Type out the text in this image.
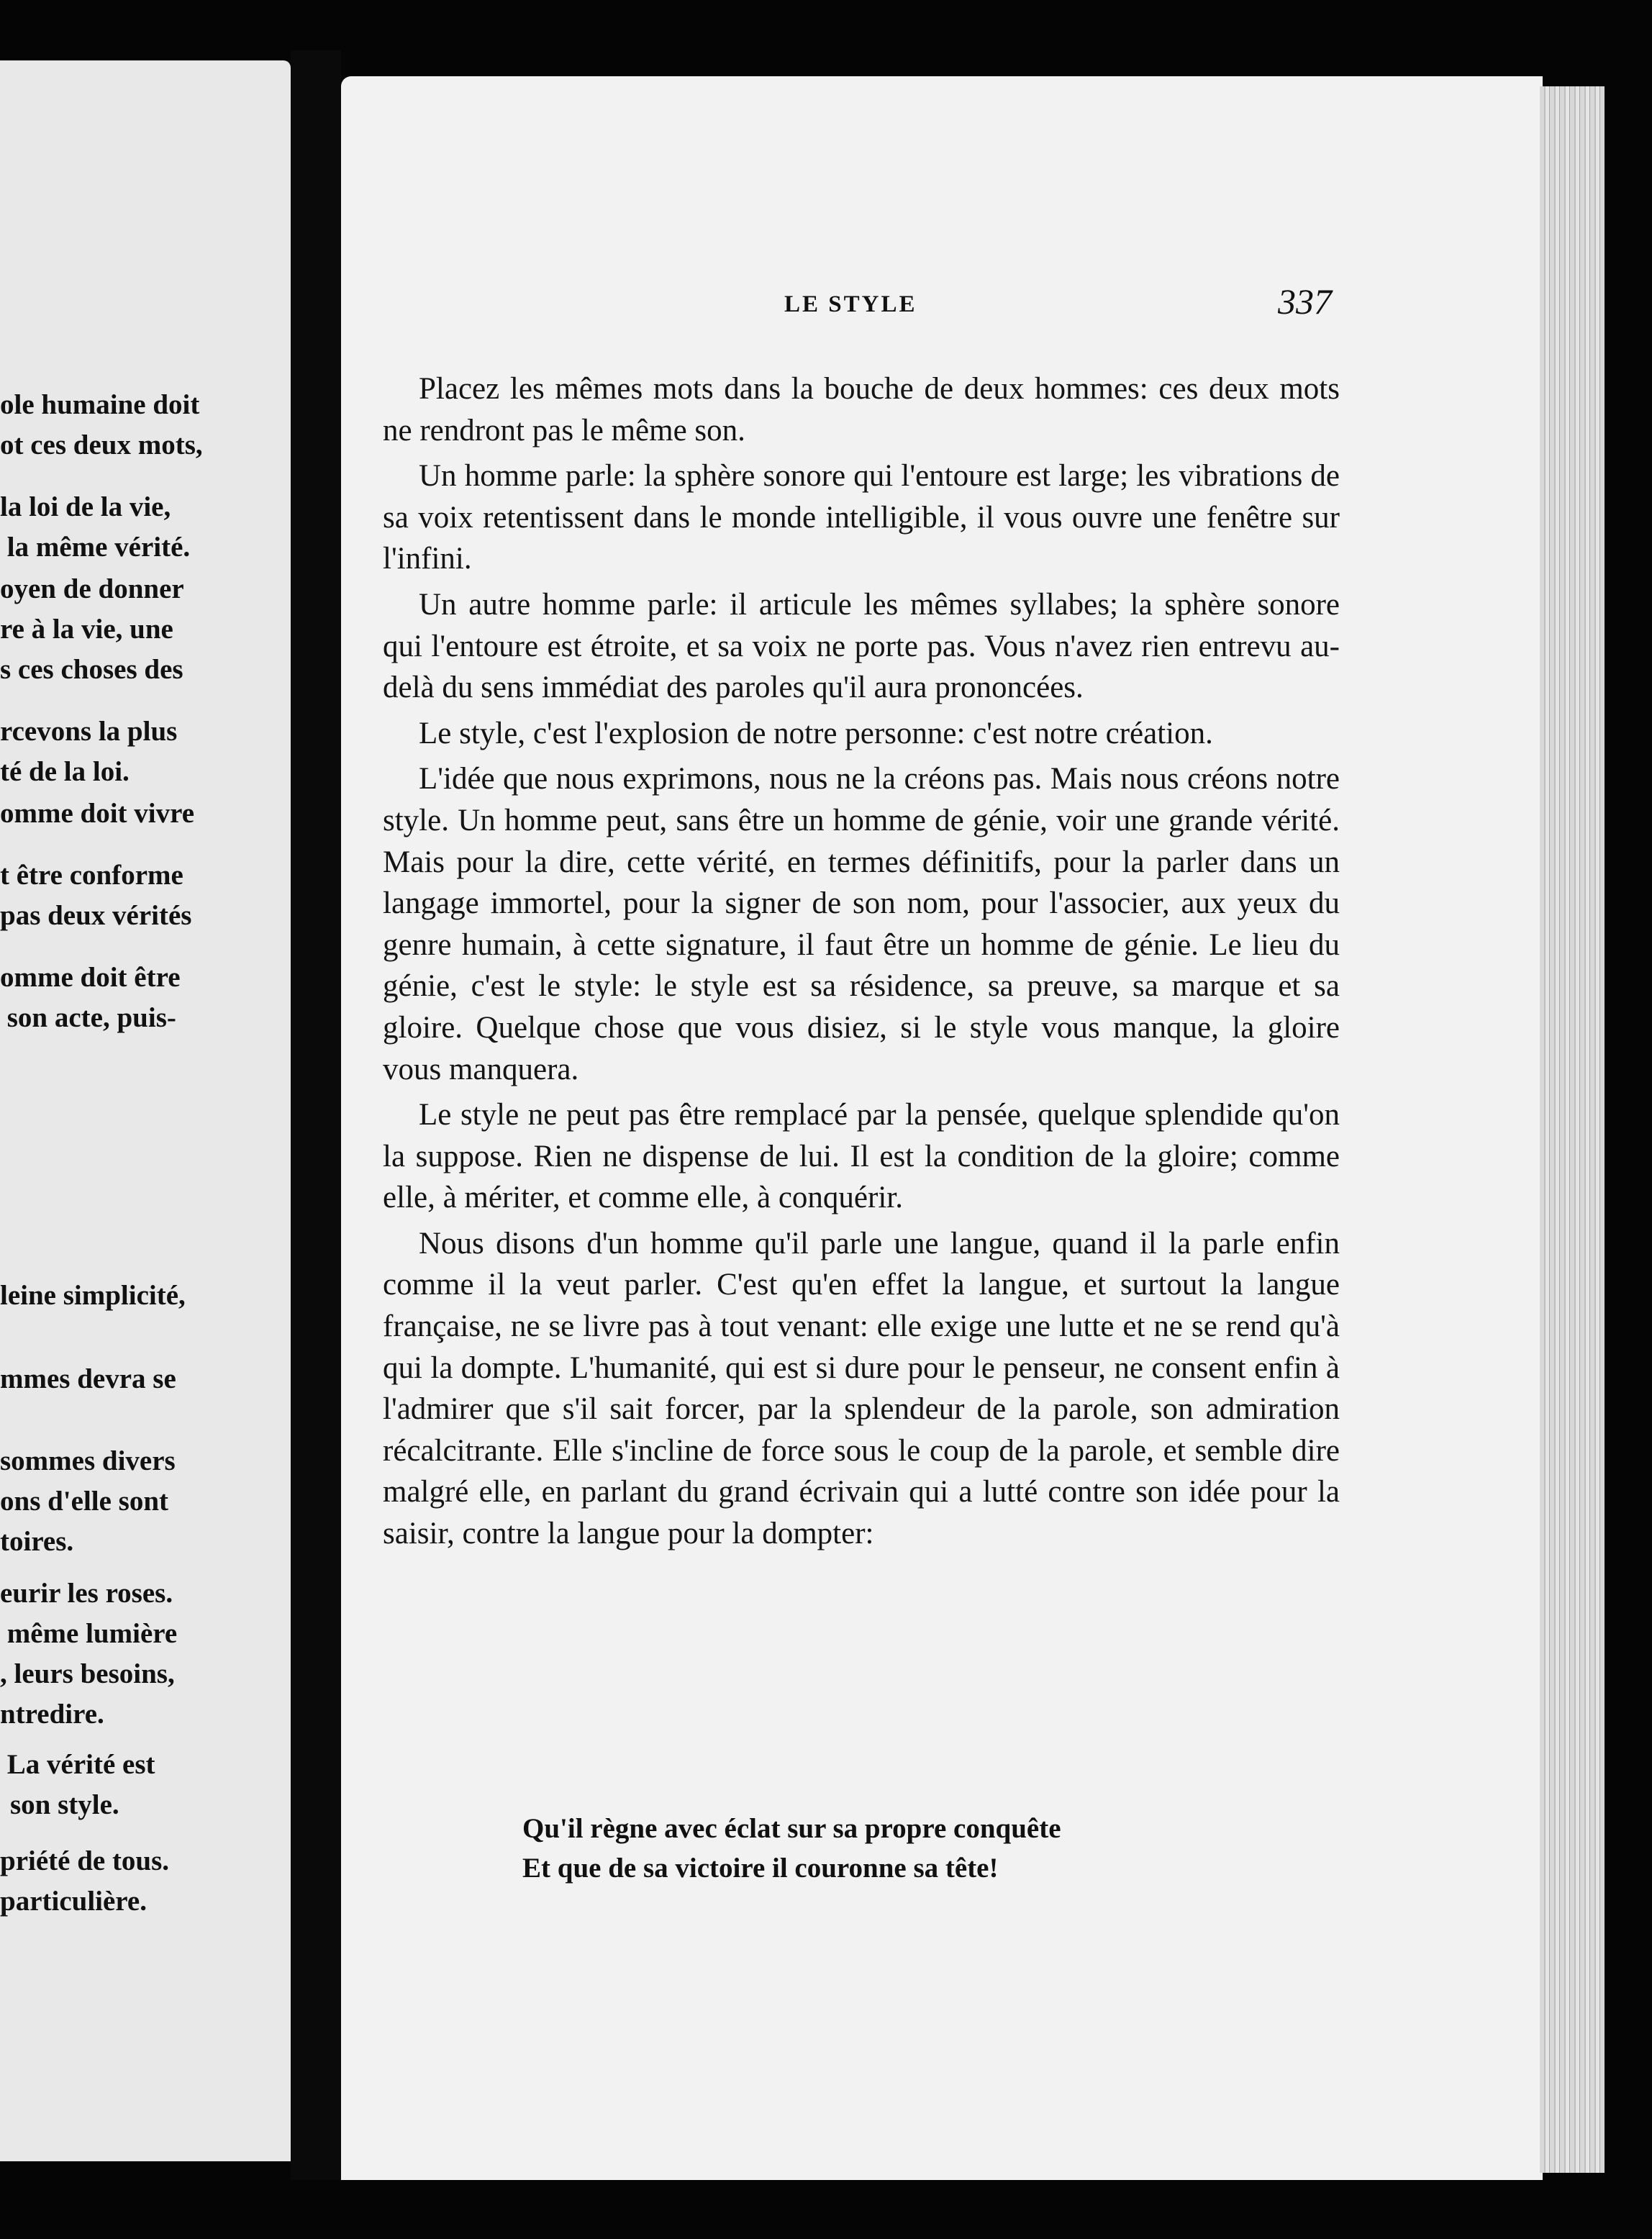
ole humaine doit
ot ces deux mots,
la loi de la vie,
la même vérité.
oyen de donner
re à la vie, une
s ces choses des
rcevons la plus
té de la loi.
omme doit vivre
t être conforme
pas deux vérités
omme doit être
son acte, puis-
leine simplicité,
mmes devra se
sommes divers
ons d'elle sont
toires.
eurir les roses.
même lumière
, leurs besoins,
ntredire.
La vérité est
son style.
priété de tous.
particulière.
LE STYLE	337

Placez les mêmes mots dans la bouche de deux hommes: ces deux mots ne rendront pas le même son.

Un homme parle: la sphère sonore qui l'entoure est large; les vibrations de sa voix retentissent dans le monde intelligible, il vous ouvre une fenêtre sur l'infini.

Un autre homme parle: il articule les mêmes syllabes; la sphère sonore qui l'entoure est étroite, et sa voix ne porte pas. Vous n'avez rien entrevu au-delà du sens immédiat des paroles qu'il aura prononcées.

Le style, c'est l'explosion de notre personne: c'est notre création.

L'idée que nous exprimons, nous ne la créons pas. Mais nous créons notre style. Un homme peut, sans être un homme de génie, voir une grande vérité. Mais pour la dire, cette vérité, en termes définitifs, pour la parler dans un langage immortel, pour la signer de son nom, pour l'associer, aux yeux du genre humain, à cette signature, il faut être un homme de génie. Le lieu du génie, c'est le style: le style est sa résidence, sa preuve, sa marque et sa gloire. Quelque chose que vous disiez, si le style vous manque, la gloire vous manquera.

Le style ne peut pas être remplacé par la pensée, quelque splendide qu'on la suppose. Rien ne dispense de lui. Il est la condition de la gloire; comme elle, à mériter, et comme elle, à conquérir.

Nous disons d'un homme qu'il parle une langue, quand il la parle enfin comme il la veut parler. C'est qu'en effet la langue, et surtout la langue française, ne se livre pas à tout venant: elle exige une lutte et ne se rend qu'à qui la dompte. L'humanité, qui est si dure pour le penseur, ne consent enfin à l'admirer que s'il sait forcer, par la splendeur de la parole, son admiration récalcitrante. Elle s'incline de force sous le coup de la parole, et semble dire malgré elle, en parlant du grand écrivain qui a lutté contre son idée pour la saisir, contre la langue pour la dompter:

Qu'il règne avec éclat sur sa propre conquête
Et que de sa victoire il couronne sa tête!
